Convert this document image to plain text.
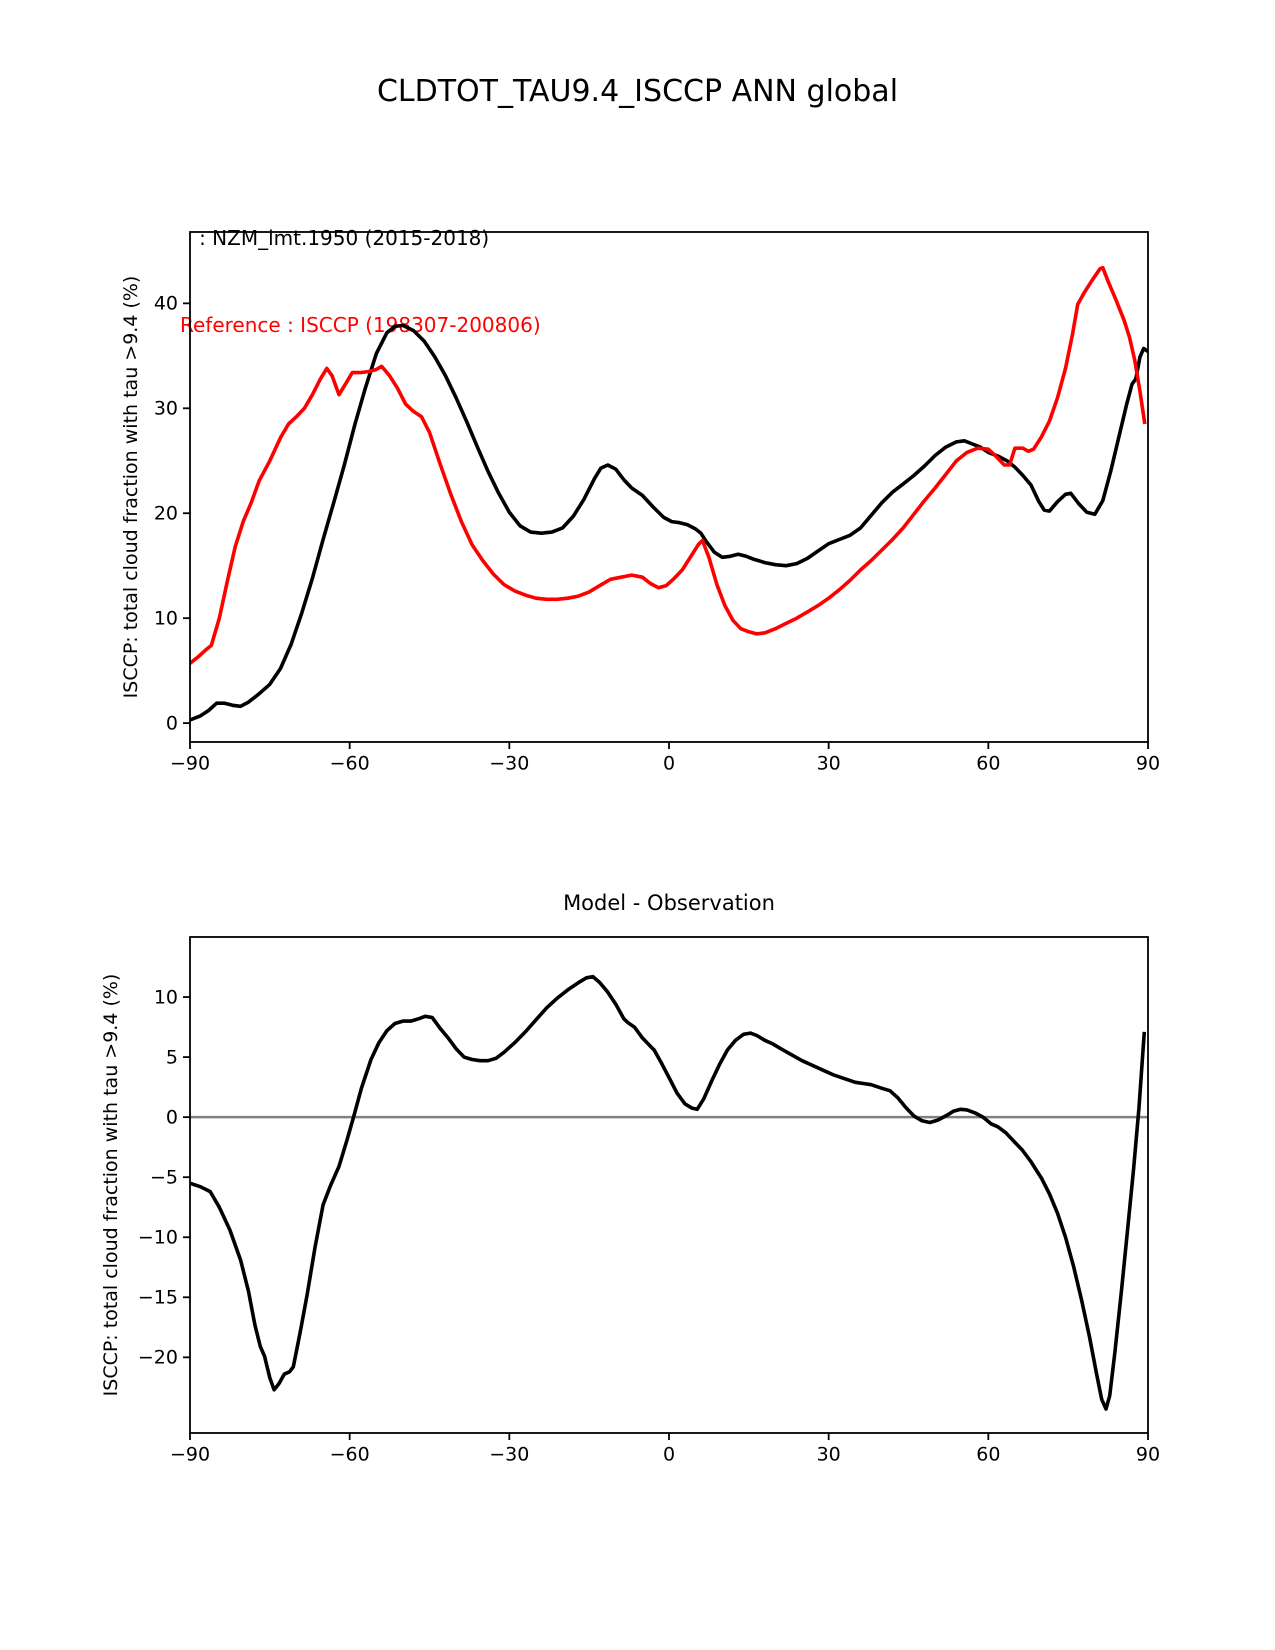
CLDTOT_TAU9.4_ISCCP ANN global

: NZM_lmt.1950 (2015-2018)

Reference : ISCCP (198307-200806)

ISCCP: total cloud fraction with tau >9.4 (%)
Model - Observation
ISCCP: total cloud fraction with tau >9.4 (%)
−90	−60	−30	0	30	60	90
0
10
20
30
40
−90	−60	−30	0	30	60	90
10
5
0
−5
−10
−15
−20
